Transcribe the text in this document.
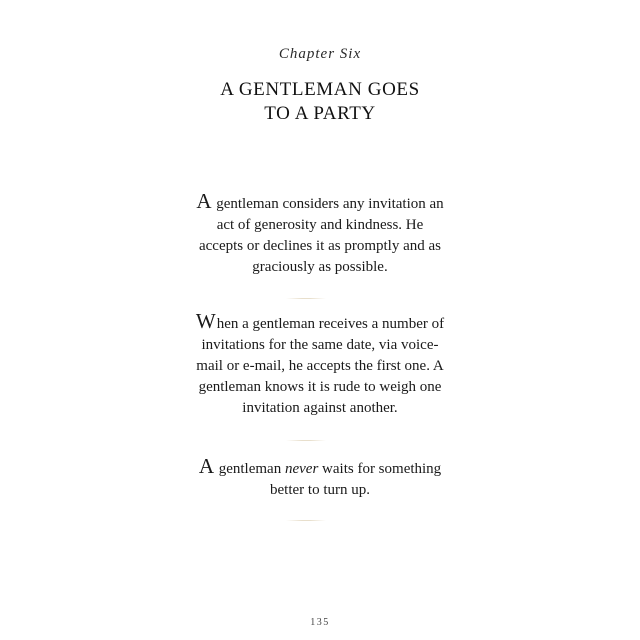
Chapter Six
A GENTLEMAN GOES
TO A PARTY
A gentleman considers any invitation an
act of generosity and kindness. He
accepts or declines it as promptly and as
graciously as possible.
When a gentleman receives a number of
invitations for the same date, via voice-
mail or e-mail, he accepts the first one. A
gentleman knows it is rude to weigh one
invitation against another.
A gentleman never waits for something
better to turn up.
135
